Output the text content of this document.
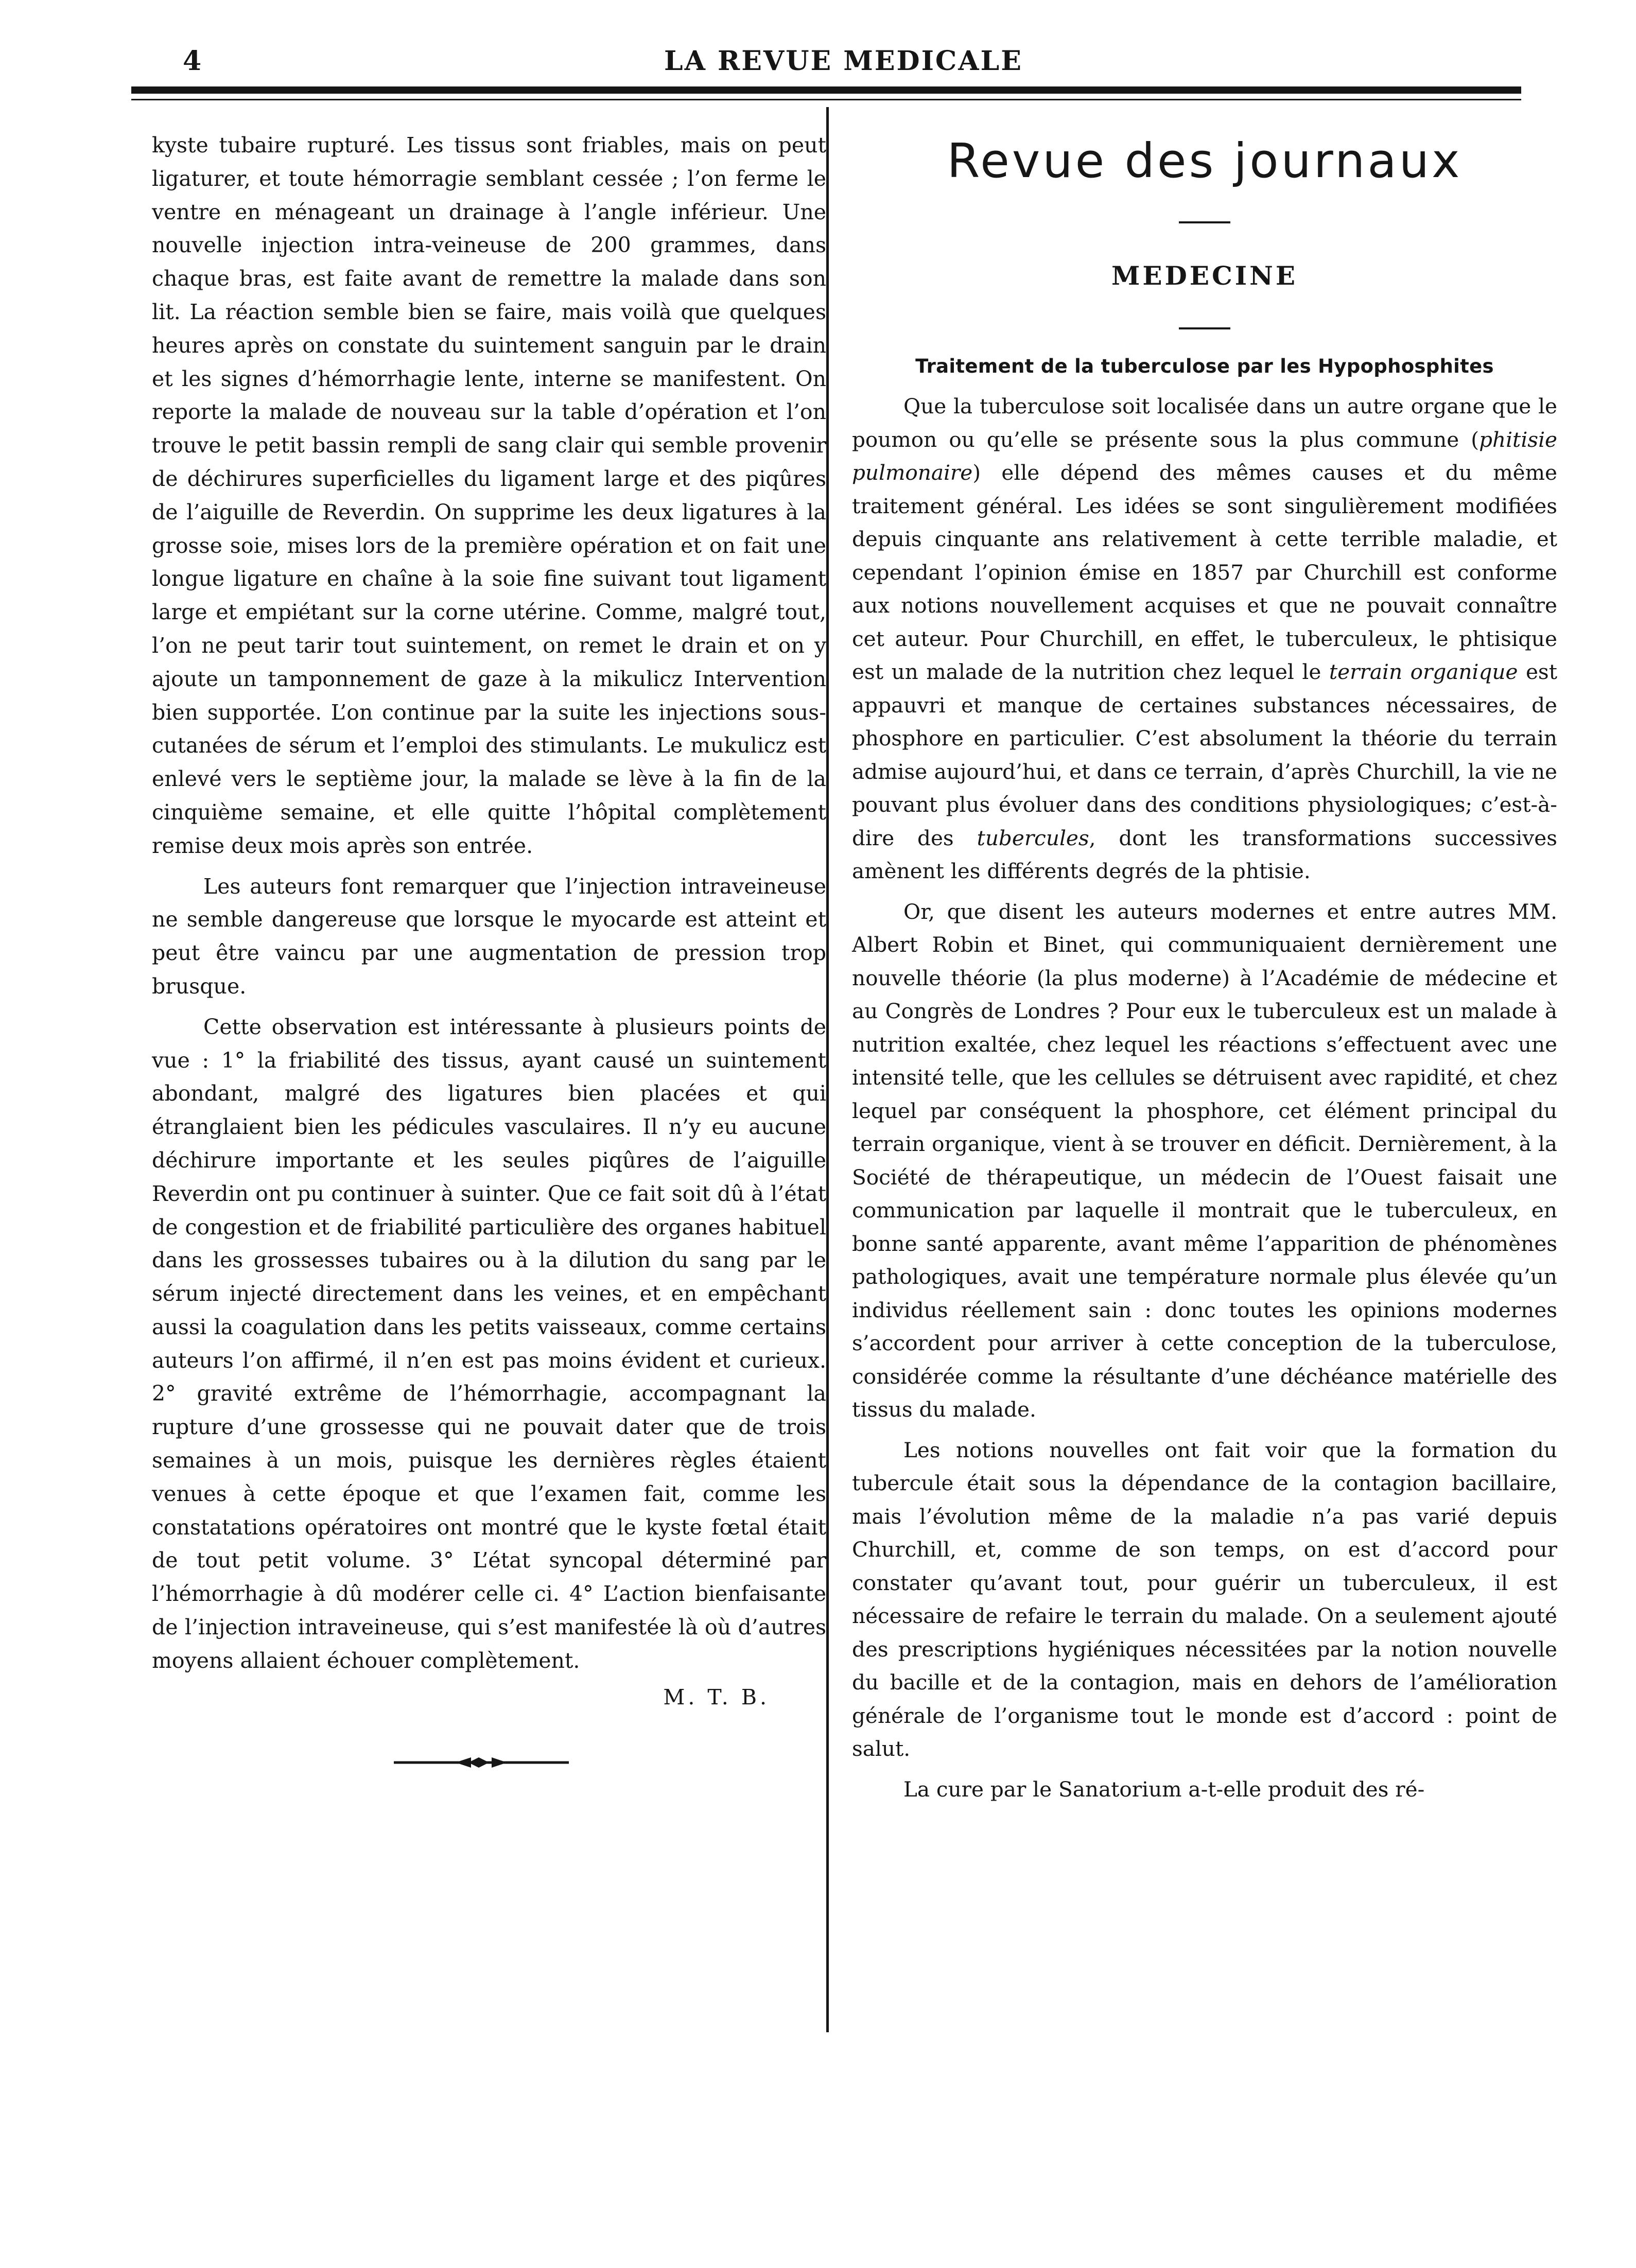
4	LA REVUE MEDICALE

kyste tubaire rupturé. Les tissus sont friables, mais on peut ligaturer, et toute hémorragie semblant cessée ; l’on ferme le ventre en ménageant un drainage à l’angle inférieur. Une nouvelle injection intra-veineuse de 200 grammes, dans chaque bras, est faite avant de remettre la malade dans son lit. La réaction semble bien se faire, mais voilà que quelques heures après on constate du suintement sanguin par le drain et les signes d’hémorrhagie lente, interne se manifestent. On reporte la malade de nouveau sur la table d’opération et l’on trouve le petit bassin rempli de sang clair qui semble provenir de déchirures superficielles du ligament large et des piqûres de l’aiguille de Reverdin. On supprime les deux ligatures à la grosse soie, mises lors de la première opération et on fait une longue ligature en chaîne à la soie fine suivant tout ligament large et empiétant sur la corne utérine. Comme, malgré tout, l’on ne peut tarir tout suintement, on remet le drain et on y ajoute un tamponnement de gaze à la mikulicz Intervention bien supportée. L’on continue par la suite les injections sous-cutanées de sérum et l’emploi des stimulants. Le mukulicz est enlevé vers le septième jour, la malade se lève à la fin de la cinquième semaine, et elle quitte l’hôpital complètement remise deux mois après son entrée.

Les auteurs font remarquer que l’injection intraveineuse ne semble dangereuse que lorsque le myocarde est atteint et peut être vaincu par une augmentation de pression trop brusque.

Cette observation est intéressante à plusieurs points de vue : 1° la friabilité des tissus, ayant causé un suintement abondant, malgré des ligatures bien placées et qui étranglaient bien les pédicules vasculaires. Il n’y eu aucune déchirure importante et les seules piqûres de l’aiguille Reverdin ont pu continuer à suinter. Que ce fait soit dû à l’état de congestion et de friabilité particulière des organes habituel dans les grossesses tubaires ou à la dilution du sang par le sérum injecté directement dans les veines, et en empêchant aussi la coagulation dans les petits vaisseaux, comme certains auteurs l’on affirmé, il n’en est pas moins évident et curieux. 2° gravité extrême de l’hémorrhagie, accompagnant la rupture d’une grossesse qui ne pouvait dater que de trois semaines à un mois, puisque les dernières règles étaient venues à cette époque et que l’examen fait, comme les constatations opératoires ont montré que le kyste fœtal était de tout petit volume. 3° L’état syncopal déterminé par l’hémorrhagie à dû modérer celle ci. 4° L’action bienfaisante de l’injection intraveineuse, qui s’est manifestée là où d’autres moyens allaient échouer complètement.

M. T. B.

Revue des journaux
MEDECINE
Traitement de la tuberculose par les Hypophosphites

Que la tuberculose soit localisée dans un autre organe que le poumon ou qu’elle se présente sous la plus commune (phitisie pulmonaire) elle dépend des mêmes causes et du même traitement général. Les idées se sont singulièrement modifiées depuis cinquante ans relativement à cette terrible maladie, et cependant l’opinion émise en 1857 par Churchill est conforme aux notions nouvellement acquises et que ne pouvait connaître cet auteur. Pour Churchill, en effet, le tuberculeux, le phtisique est un malade de la nutrition chez lequel le terrain organique est appauvri et manque de certaines substances nécessaires, de phosphore en particulier. C’est absolument la théorie du terrain admise aujourd’hui, et dans ce terrain, d’après Churchill, la vie ne pouvant plus évoluer dans des conditions physiologiques; c’est-à-dire des tubercules, dont les transformations successives amènent les différents degrés de la phtisie.

Or, que disent les auteurs modernes et entre autres MM. Albert Robin et Binet, qui communiquaient dernièrement une nouvelle théorie (la plus moderne) à l’Académie de médecine et au Congrès de Londres ? Pour eux le tuberculeux est un malade à nutrition exaltée, chez lequel les réactions s’effectuent avec une intensité telle, que les cellules se détruisent avec rapidité, et chez lequel par conséquent la phosphore, cet élément principal du terrain organique, vient à se trouver en déficit. Dernièrement, à la Société de thérapeutique, un médecin de l’Ouest faisait une communication par laquelle il montrait que le tuberculeux, en bonne santé apparente, avant même l’apparition de phénomènes pathologiques, avait une température normale plus élevée qu’un individus réellement sain : donc toutes les opinions modernes s’accordent pour arriver à cette conception de la tuberculose, considérée comme la résultante d’une déchéance matérielle des tissus du malade.

Les notions nouvelles ont fait voir que la formation du tubercule était sous la dépendance de la contagion bacillaire, mais l’évolution même de la maladie n’a pas varié depuis Churchill, et, comme de son temps, on est d’accord pour constater qu’avant tout, pour guérir un tuberculeux, il est nécessaire de refaire le terrain du malade. On a seulement ajouté des prescriptions hygiéniques nécessitées par la notion nouvelle du bacille et de la contagion, mais en dehors de l’amélioration générale de l’organisme tout le monde est d’accord : point de salut.

La cure par le Sanatorium a-t-elle produit des ré-
